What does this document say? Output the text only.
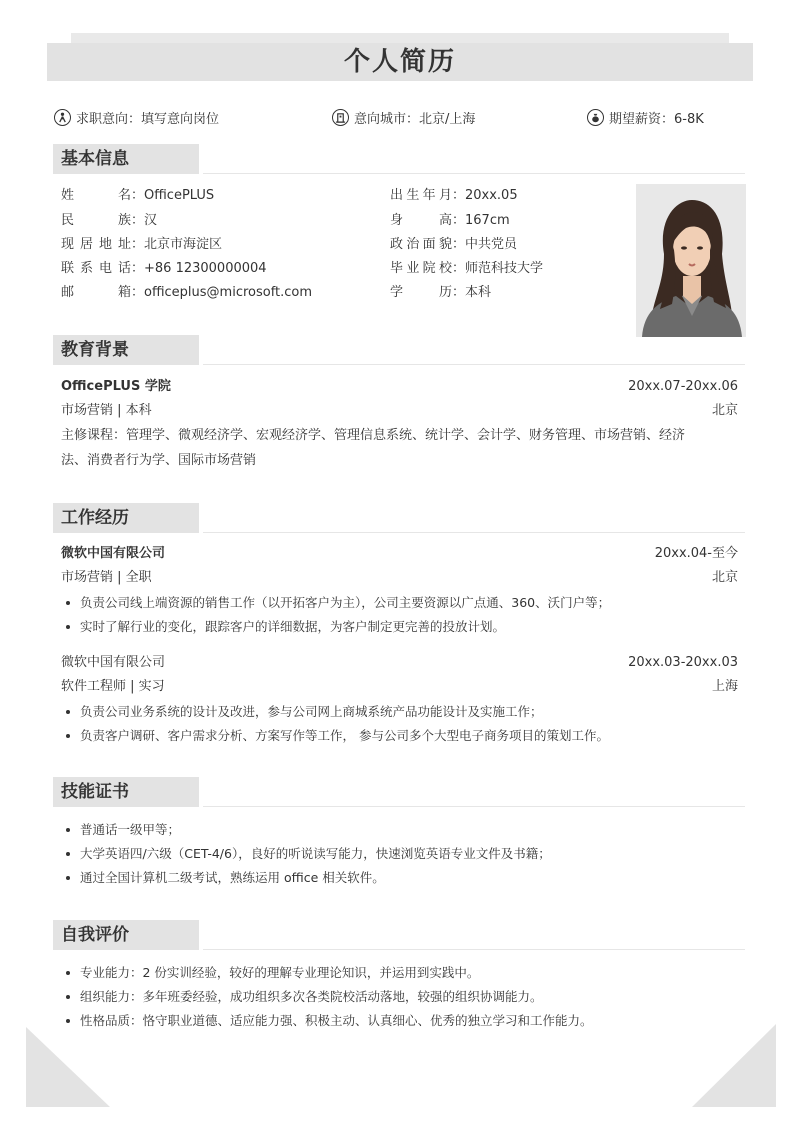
个人简历
求职意向：填写意向岗位	意向城市：北京/上海	期望薪资：6-8K
基本信息
姓名：OfficePLUS
民族：汉
现居地址：北京市海淀区
联系电话：+86 12300000004
邮箱：officeplus@microsoft.com
出生年月：20xx.05
身高：167cm
政治面貌：中共党员
毕业院校：师范科技大学
学历：本科
教育背景
OfficePLUS 学院	20xx.07-20xx.06
市场营销 | 本科	北京
主修课程：管理学、微观经济学、宏观经济学、管理信息系统、统计学、会计学、财务管理、市场营销、经济
法、消费者行为学、国际市场营销
工作经历
微软中国有限公司	20xx.04-至今
市场营销 | 全职	北京
负责公司线上端资源的销售工作（以开拓客户为主），公司主要资源以广点通、360、沃门户等；
实时了解行业的变化，跟踪客户的详细数据，为客户制定更完善的投放计划。
微软中国有限公司	20xx.03-20xx.03
软件工程师 | 实习	上海
负责公司业务系统的设计及改进，参与公司网上商城系统产品功能设计及实施工作；
负责客户调研、客户需求分析、方案写作等工作， 参与公司多个大型电子商务项目的策划工作。
技能证书
普通话一级甲等；
大学英语四/六级（CET-4/6），良好的听说读写能力，快速浏览英语专业文件及书籍；
通过全国计算机二级考试，熟练运用 office 相关软件。
自我评价
专业能力：2 份实训经验，较好的理解专业理论知识，并运用到实践中。
组织能力：多年班委经验，成功组织多次各类院校活动落地，较强的组织协调能力。
性格品质：恪守职业道德、适应能力强、积极主动、认真细心、优秀的独立学习和工作能力。
